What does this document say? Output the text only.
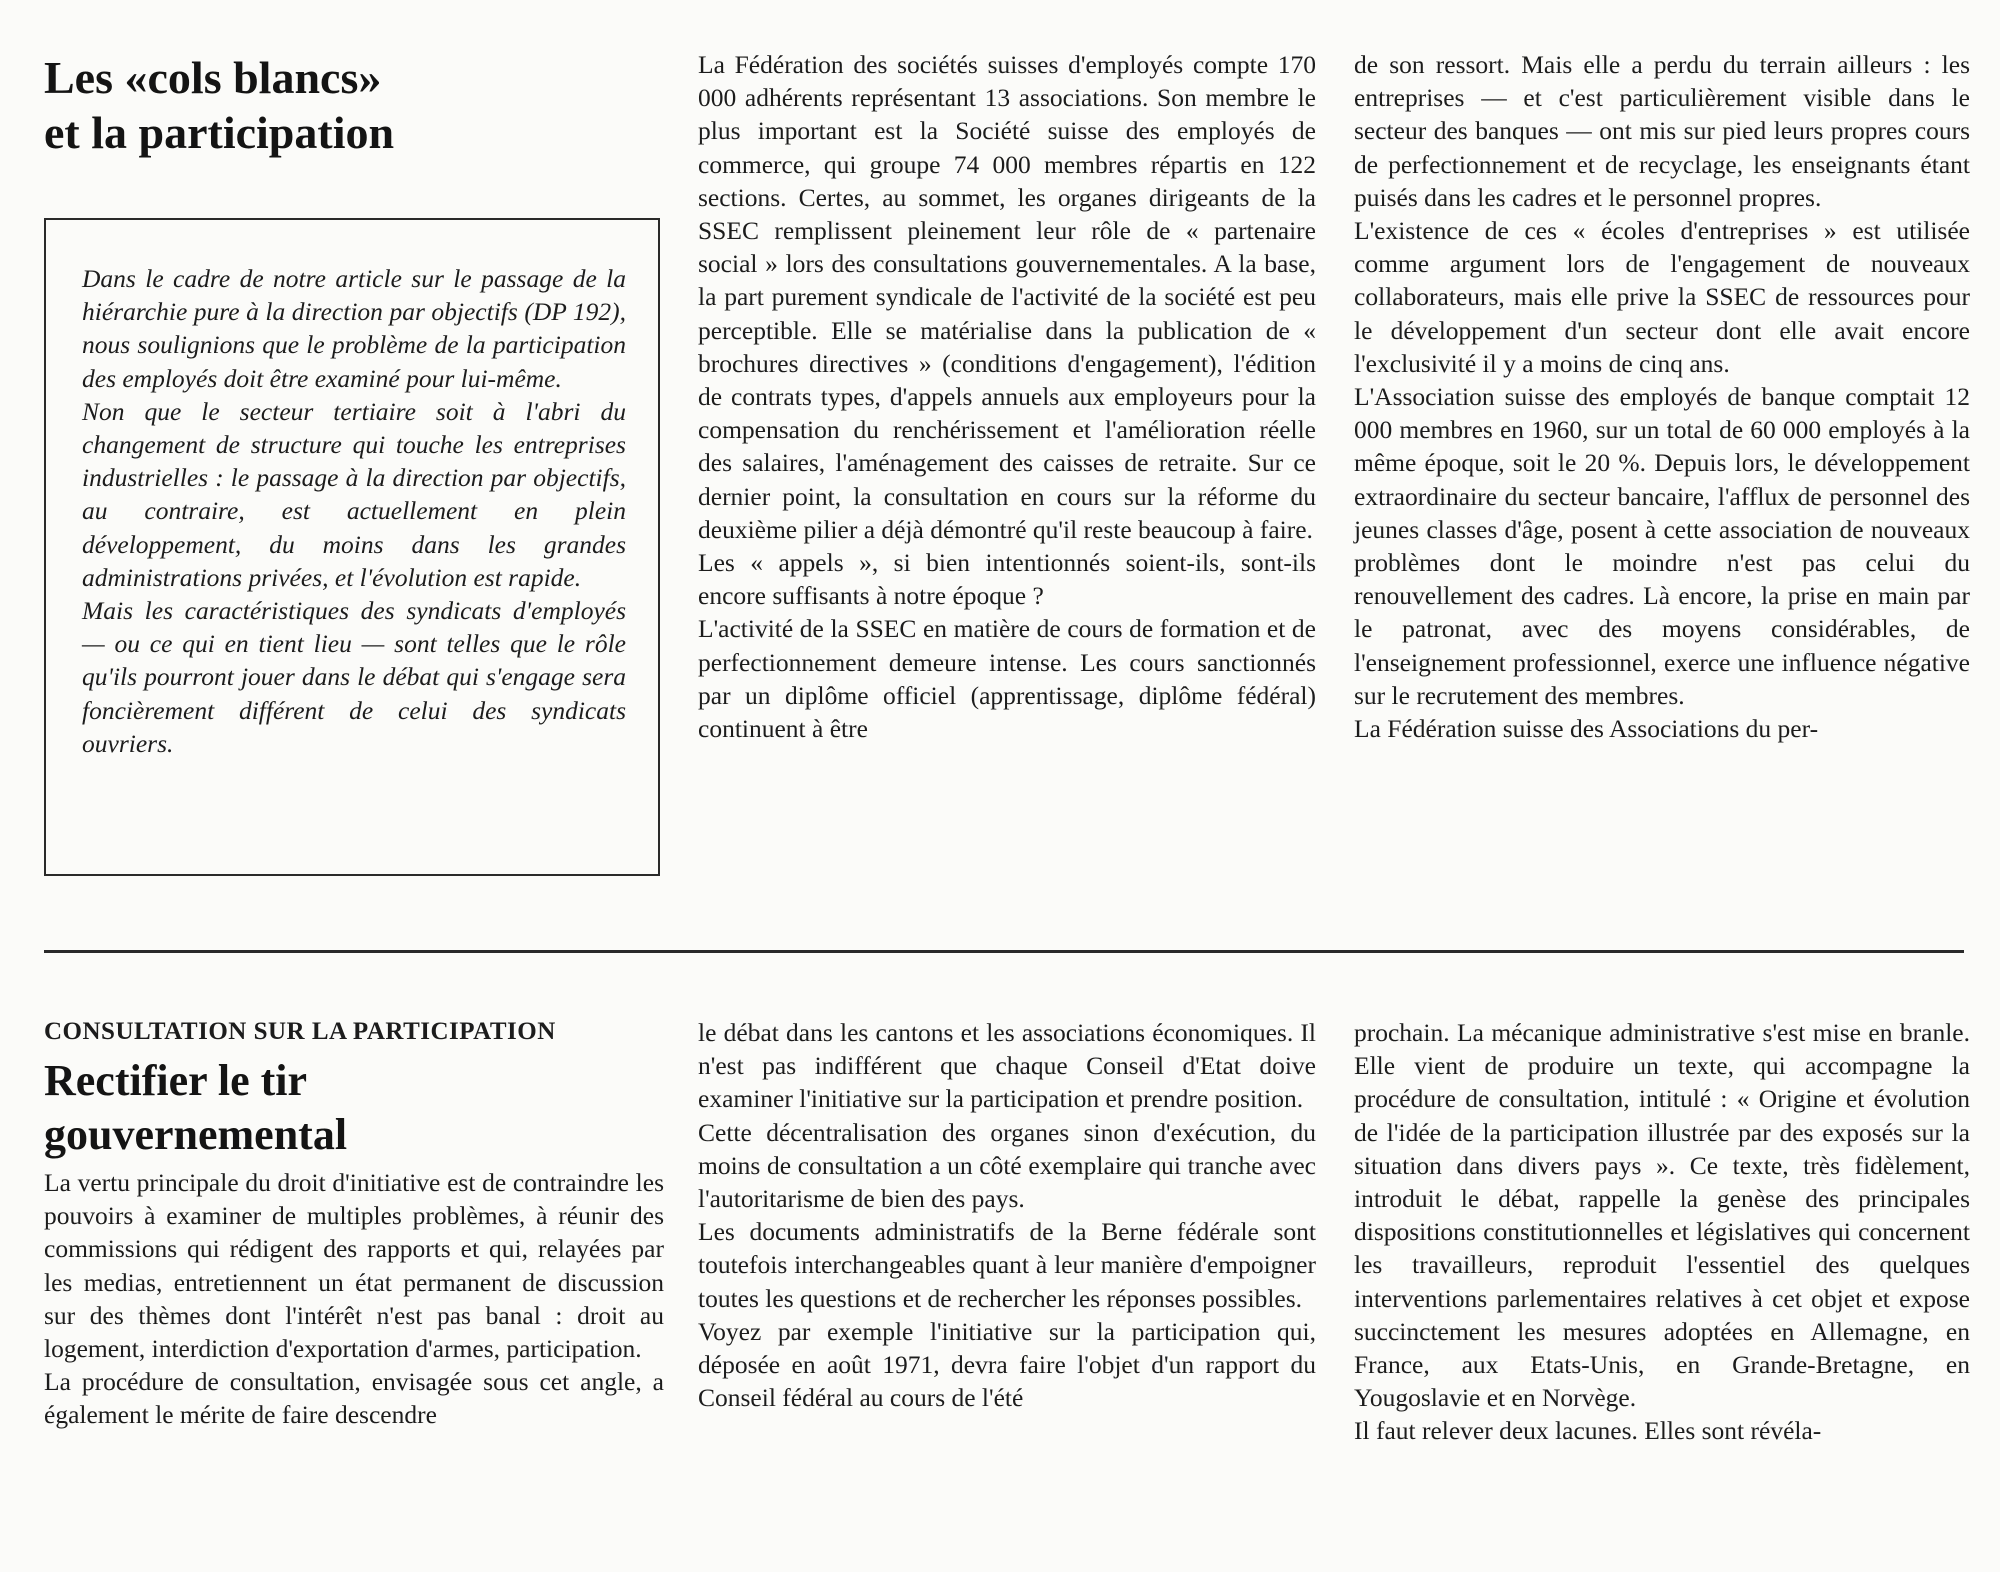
Les «cols blancs»
et la participation

Dans le cadre de notre article sur le passage de la hiérarchie pure à la direction par objectifs (DP 192), nous soulignions que le problème de la participation des employés doit être examiné pour lui-même.

Non que le secteur tertiaire soit à l'abri du changement de structure qui touche les entreprises industrielles : le passage à la direction par objectifs, au contraire, est actuellement en plein développement, du moins dans les grandes administrations privées, et l'évolution est rapide.

Mais les caractéristiques des syndicats d'employés — ou ce qui en tient lieu — sont telles que le rôle qu'ils pourront jouer dans le débat qui s'engage sera foncièrement différent de celui des syndicats ouvriers.

La Fédération des sociétés suisses d'employés compte 170 000 adhérents représentant 13 associations. Son membre le plus important est la Société suisse des employés de commerce, qui groupe 74 000 membres répartis en 122 sections. Certes, au sommet, les organes dirigeants de la SSEC remplissent pleinement leur rôle de « partenaire social » lors des consultations gouvernementales. A la base, la part purement syndicale de l'activité de la société est peu perceptible. Elle se matérialise dans la publication de « brochures directives » (conditions d'engagement), l'édition de contrats types, d'appels annuels aux employeurs pour la compensation du renchérissement et l'amélioration réelle des salaires, l'aménagement des caisses de retraite. Sur ce dernier point, la consultation en cours sur la réforme du deuxième pilier a déjà démontré qu'il reste beaucoup à faire.

Les « appels », si bien intentionnés soient-ils, sont-ils encore suffisants à notre époque ?

L'activité de la SSEC en matière de cours de formation et de perfectionnement demeure intense. Les cours sanctionnés par un diplôme officiel (apprentissage, diplôme fédéral) continuent à être

de son ressort. Mais elle a perdu du terrain ailleurs : les entreprises — et c'est particulièrement visible dans le secteur des banques — ont mis sur pied leurs propres cours de perfectionnement et de recyclage, les enseignants étant puisés dans les cadres et le personnel propres.

L'existence de ces « écoles d'entreprises » est utilisée comme argument lors de l'engagement de nouveaux collaborateurs, mais elle prive la SSEC de ressources pour le développement d'un secteur dont elle avait encore l'exclusivité il y a moins de cinq ans.

L'Association suisse des employés de banque comptait 12 000 membres en 1960, sur un total de 60 000 employés à la même époque, soit le 20 %. Depuis lors, le développement extraordinaire du secteur bancaire, l'afflux de personnel des jeunes classes d'âge, posent à cette association de nouveaux problèmes dont le moindre n'est pas celui du renouvellement des cadres. Là encore, la prise en main par le patronat, avec des moyens considérables, de l'enseignement professionnel, exerce une influence négative sur le recrutement des membres.

La Fédération suisse des Associations du per-

CONSULTATION SUR LA PARTICIPATION
Rectifier le tir
gouvernemental

La vertu principale du droit d'initiative est de contraindre les pouvoirs à examiner de multiples problèmes, à réunir des commissions qui rédigent des rapports et qui, relayées par les medias, entretiennent un état permanent de discussion sur des thèmes dont l'intérêt n'est pas banal : droit au logement, interdiction d'exportation d'armes, participation.

La procédure de consultation, envisagée sous cet angle, a également le mérite de faire descendre

le débat dans les cantons et les associations économiques. Il n'est pas indifférent que chaque Conseil d'Etat doive examiner l'initiative sur la participation et prendre position.

Cette décentralisation des organes sinon d'exécution, du moins de consultation a un côté exemplaire qui tranche avec l'autoritarisme de bien des pays.

Les documents administratifs de la Berne fédérale sont toutefois interchangeables quant à leur manière d'empoigner toutes les questions et de rechercher les réponses possibles.

Voyez par exemple l'initiative sur la participation qui, déposée en août 1971, devra faire l'objet d'un rapport du Conseil fédéral au cours de l'été

prochain. La mécanique administrative s'est mise en branle. Elle vient de produire un texte, qui accompagne la procédure de consultation, intitulé : « Origine et évolution de l'idée de la participation illustrée par des exposés sur la situation dans divers pays ». Ce texte, très fidèlement, introduit le débat, rappelle la genèse des principales dispositions constitutionnelles et législatives qui concernent les travailleurs, reproduit l'essentiel des quelques interventions parlementaires relatives à cet objet et expose succinctement les mesures adoptées en Allemagne, en France, aux Etats-Unis, en Grande-Bretagne, en Yougoslavie et en Norvège.

Il faut relever deux lacunes. Elles sont révéla-
